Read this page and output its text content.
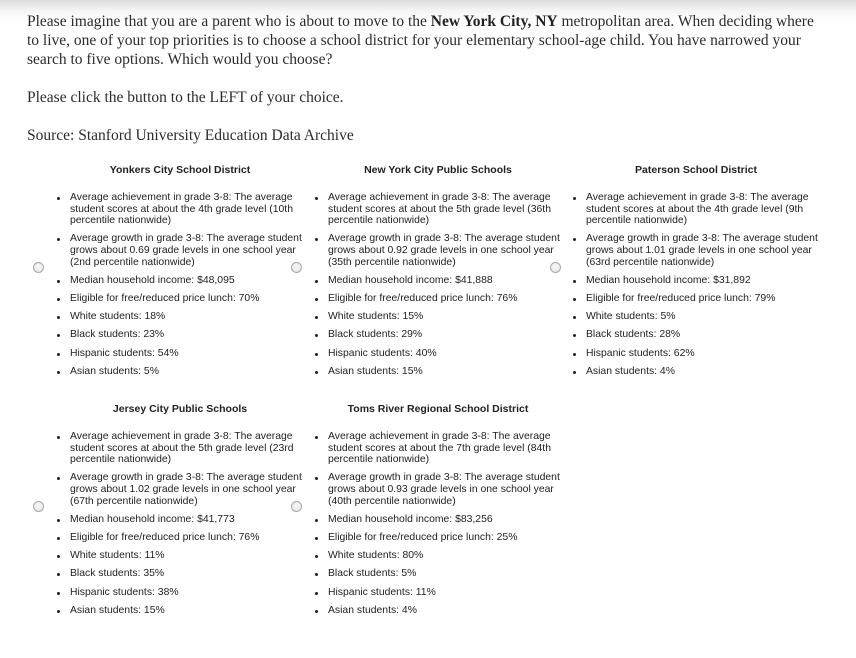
Please imagine that you are a parent who is about to move to the New York City, NY metropolitan area. When deciding where to live, one of your top priorities is to choose a school district for your elementary school-age child. You have narrowed your search to five options. Which would you choose?

Please click the button to the LEFT of your choice.

Source: Stanford University Education Data Archive

Yonkers City School District
Average achievement in grade 3-8: The average student scores at about the 4th grade level (10th percentile nationwide)
Average growth in grade 3-8: The average student grows about 0.69 grade levels in one school year (2nd percentile nationwide)
Median household income: $48,095
Eligible for free/reduced price lunch: 70%
White students: 18%
Black students: 23%
Hispanic students: 54%
Asian students: 5%
New York City Public Schools
Average achievement in grade 3-8: The average student scores at about the 5th grade level (36th percentile nationwide)
Average growth in grade 3-8: The average student grows about 0.92 grade levels in one school year (35th percentile nationwide)
Median household income: $41,888
Eligible for free/reduced price lunch: 76%
White students: 15%
Black students: 29%
Hispanic students: 40%
Asian students: 15%
Paterson School District
Average achievement in grade 3-8: The average student scores at about the 4th grade level (9th percentile nationwide)
Average growth in grade 3-8: The average student grows about 1.01 grade levels in one school year (63rd percentile nationwide)
Median household income: $31,892
Eligible for free/reduced price lunch: 79%
White students: 5%
Black students: 28%
Hispanic students: 62%
Asian students: 4%
Jersey City Public Schools
Average achievement in grade 3-8: The average student scores at about the 5th grade level (23rd percentile nationwide)
Average growth in grade 3-8: The average student grows about 1.02 grade levels in one school year (67th percentile nationwide)
Median household income: $41,773
Eligible for free/reduced price lunch: 76%
White students: 11%
Black students: 35%
Hispanic students: 38%
Asian students: 15%
Toms River Regional School District
Average achievement in grade 3-8: The average student scores at about the 7th grade level (84th percentile nationwide)
Average growth in grade 3-8: The average student grows about 0.93 grade levels in one school year (40th percentile nationwide)
Median household income: $83,256
Eligible for free/reduced price lunch: 25%
White students: 80%
Black students: 5%
Hispanic students: 11%
Asian students: 4%
